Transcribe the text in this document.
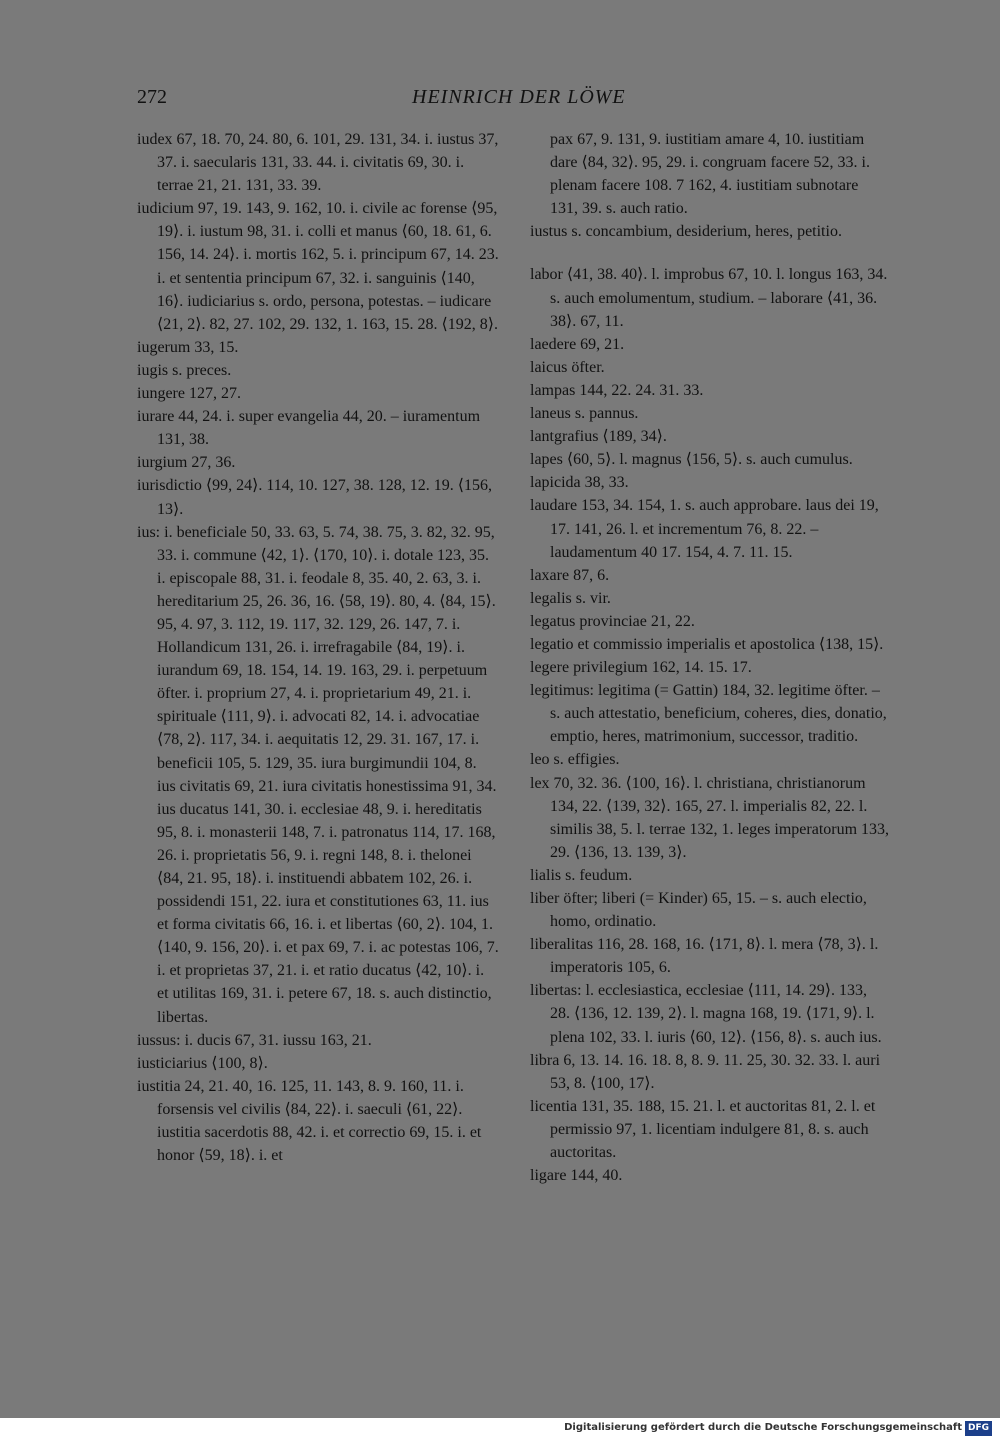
272	HEINRICH DER LÖWE

iudex 67, 18. 70, 24. 80, 6. 101, 29. 131, 34. i. iustus 37, 37. i. saecularis 131, 33. 44. i. civitatis 69, 30. i. terrae 21, 21. 131, 33. 39.

iudicium 97, 19. 143, 9. 162, 10. i. civile ac forense ⟨95, 19⟩. i. iustum 98, 31. i. colli et manus ⟨60, 18. 61, 6. 156, 14. 24⟩. i. mortis 162, 5. i. principum 67, 14. 23. i. et sententia principum 67, 32. i. sanguinis ⟨140, 16⟩. iudiciarius s. ordo, persona, potestas. – iudicare ⟨21, 2⟩. 82, 27. 102, 29. 132, 1. 163, 15. 28. ⟨192, 8⟩.

iugerum 33, 15.

iugis s. preces.

iungere 127, 27.

iurare 44, 24. i. super evangelia 44, 20. – iuramentum 131, 38.

iurgium 27, 36.

iurisdictio ⟨99, 24⟩. 114, 10. 127, 38. 128, 12. 19. ⟨156, 13⟩.

ius: i. beneficiale 50, 33. 63, 5. 74, 38. 75, 3. 82, 32. 95, 33. i. commune ⟨42, 1⟩. ⟨170, 10⟩. i. dotale 123, 35. i. episcopale 88, 31. i. feodale 8, 35. 40, 2. 63, 3. i. hereditarium 25, 26. 36, 16. ⟨58, 19⟩. 80, 4. ⟨84, 15⟩. 95, 4. 97, 3. 112, 19. 117, 32. 129, 26. 147, 7. i. Hollandicum 131, 26. i. irrefragabile ⟨84, 19⟩. i. iurandum 69, 18. 154, 14. 19. 163, 29. i. perpetuum öfter. i. proprium 27, 4. i. proprietarium 49, 21. i. spirituale ⟨111, 9⟩. i. advocati 82, 14. i. advocatiae ⟨78, 2⟩. 117, 34. i. aequitatis 12, 29. 31. 167, 17. i. beneficii 105, 5. 129, 35. iura burgimundii 104, 8. ius civitatis 69, 21. iura civitatis honestissima 91, 34. ius ducatus 141, 30. i. ecclesiae 48, 9. i. hereditatis 95, 8. i. monasterii 148, 7. i. patronatus 114, 17. 168, 26. i. proprietatis 56, 9. i. regni 148, 8. i. thelonei ⟨84, 21. 95, 18⟩. i. instituendi abbatem 102, 26. i. possidendi 151, 22. iura et constitutiones 63, 11. ius et forma civitatis 66, 16. i. et libertas ⟨60, 2⟩. 104, 1. ⟨140, 9. 156, 20⟩. i. et pax 69, 7. i. ac potestas 106, 7. i. et proprietas 37, 21. i. et ratio ducatus ⟨42, 10⟩. i. et utilitas 169, 31. i. petere 67, 18. s. auch distinctio, libertas.

iussus: i. ducis 67, 31. iussu 163, 21.

iusticiarius ⟨100, 8⟩.

iustitia 24, 21. 40, 16. 125, 11. 143, 8. 9. 160, 11. i. forsensis vel civilis ⟨84, 22⟩. i. saeculi ⟨61, 22⟩. iustitia sacerdotis 88, 42. i. et correctio 69, 15. i. et honor ⟨59, 18⟩. i. et

pax 67, 9. 131, 9. iustitiam amare 4, 10. iustitiam dare ⟨84, 32⟩. 95, 29. i. congruam facere 52, 33. i. plenam facere 108. 7 162, 4. iustitiam subnotare 131, 39. s. auch ratio.

iustus s. concambium, desiderium, heres, petitio.

labor ⟨41, 38. 40⟩. l. improbus 67, 10. l. longus 163, 34. s. auch emolumentum, studium. – laborare ⟨41, 36. 38⟩. 67, 11.

laedere 69, 21.

laicus öfter.

lampas 144, 22. 24. 31. 33.

laneus s. pannus.

lantgrafius ⟨189, 34⟩.

lapes ⟨60, 5⟩. l. magnus ⟨156, 5⟩. s. auch cumulus.

lapicida 38, 33.

laudare 153, 34. 154, 1. s. auch approbare. laus dei 19, 17. 141, 26. l. et incrementum 76, 8. 22. – laudamentum 40 17. 154, 4. 7. 11. 15.

laxare 87, 6.

legalis s. vir.

legatus provinciae 21, 22.

legatio et commissio imperialis et apostolica ⟨138, 15⟩.

legere privilegium 162, 14. 15. 17.

legitimus: legitima (= Gattin) 184, 32. legitime öfter. – s. auch attestatio, beneficium, coheres, dies, donatio, emptio, heres, matrimonium, successor, traditio.

leo s. effigies.

lex 70, 32. 36. ⟨100, 16⟩. l. christiana, christianorum 134, 22. ⟨139, 32⟩. 165, 27. l. imperialis 82, 22. l. similis 38, 5. l. terrae 132, 1. leges imperatorum 133, 29. ⟨136, 13. 139, 3⟩.

lialis s. feudum.

liber öfter; liberi (= Kinder) 65, 15. – s. auch electio, homo, ordinatio.

liberalitas 116, 28. 168, 16. ⟨171, 8⟩. l. mera ⟨78, 3⟩. l. imperatoris 105, 6.

libertas: l. ecclesiastica, ecclesiae ⟨111, 14. 29⟩. 133, 28. ⟨136, 12. 139, 2⟩. l. magna 168, 19. ⟨171, 9⟩. l. plena 102, 33. l. iuris ⟨60, 12⟩. ⟨156, 8⟩. s. auch ius.

libra 6, 13. 14. 16. 18. 8, 8. 9. 11. 25, 30. 32. 33. l. auri 53, 8. ⟨100, 17⟩.

licentia 131, 35. 188, 15. 21. l. et auctoritas 81, 2. l. et permissio 97, 1. licentiam indulgere 81, 8. s. auch auctoritas.

ligare 144, 40.

Digitalisierung gefördert durch die Deutsche Forschungsgemeinschaft DFG
